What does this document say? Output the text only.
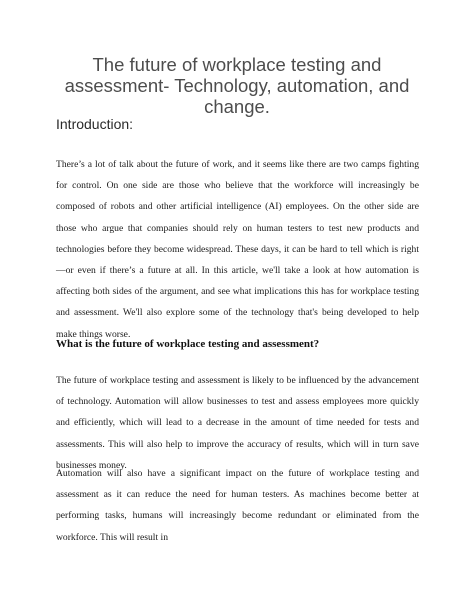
The future of workplace testing and assessment- Technology, automation, and change.
Introduction:

There’s a lot of talk about the future of work, and it seems like there are two camps fighting for control. On one side are those who believe that the workforce will increasingly be composed of robots and other artificial intelligence (AI) employees. On the other side are those who argue that companies should rely on human testers to test new products and technologies before they become widespread. These days, it can be hard to tell which is right—or even if there’s a future at all. In this article, we'll take a look at how automation is affecting both sides of the argument, and see what implications this has for workplace testing and assessment. We'll also explore some of the technology that's being developed to help make things worse.

What is the future of workplace testing and assessment?

The future of workplace testing and assessment is likely to be influenced by the advancement of technology. Automation will allow businesses to test and assess employees more quickly and efficiently, which will lead to a decrease in the amount of time needed for tests and assessments. This will also help to improve the accuracy of results, which will in turn save businesses money.

Automation will also have a significant impact on the future of workplace testing and assessment as it can reduce the need for human testers. As machines become better at performing tasks, humans will increasingly become redundant or eliminated from the workforce. This will result in
